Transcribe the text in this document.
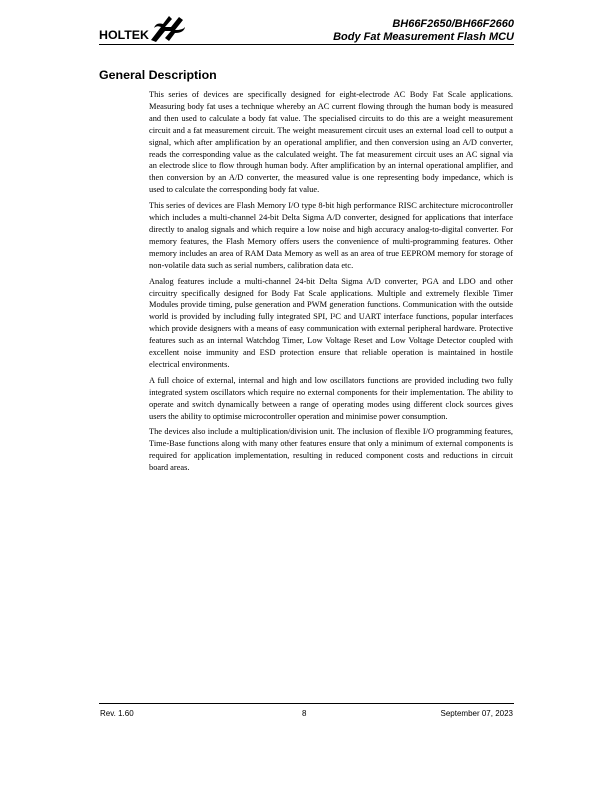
HOLTEK
BH66F2650/BH66F2660
Body Fat Measurement Flash MCU
General Description

This series of devices are specifically designed for eight-electrode AC Body Fat Scale applications. Measuring body fat uses a technique whereby an AC current flowing through the human body is measured and then used to calculate a body fat value. The specialised circuits to do this are a weight measurement circuit and a fat measurement circuit. The weight measurement circuit uses an external load cell to output a signal, which after amplification by an operational amplifier, and then conversion using an A/D converter, reads the corresponding value as the calculated weight. The fat measurement circuit uses an AC signal via an electrode slice to flow through human body. After amplification by an internal operational amplifier, and then conversion by an A/D converter, the measured value is one representing body impedance, which is used to calculate the corresponding body fat value.

This series of devices are Flash Memory I/O type 8-bit high performance RISC architecture microcontroller which includes a multi-channel 24-bit Delta Sigma A/D converter, designed for applications that interface directly to analog signals and which require a low noise and high accuracy analog-to-digital converter. For memory features, the Flash Memory offers users the convenience of multi-programming features. Other memory includes an area of RAM Data Memory as well as an area of true EEPROM memory for storage of non-volatile data such as serial numbers, calibration data etc.

Analog features include a multi-channel 24-bit Delta Sigma A/D converter, PGA and LDO and other circuitry specifically designed for Body Fat Scale applications. Multiple and extremely flexible Timer Modules provide timing, pulse generation and PWM generation functions. Communication with the outside world is provided by including fully integrated SPI, I²C and UART interface functions, popular interfaces which provide designers with a means of easy communication with external peripheral hardware. Protective features such as an internal Watchdog Timer, Low Voltage Reset and Low Voltage Detector coupled with excellent noise immunity and ESD protection ensure that reliable operation is maintained in hostile electrical environments.

A full choice of external, internal and high and low oscillators functions are provided including two fully integrated system oscillators which require no external components for their implementation. The ability to operate and switch dynamically between a range of operating modes using different clock sources gives users the ability to optimise microcontroller operation and minimise power consumption.

The devices also include a multiplication/division unit. The inclusion of flexible I/O programming features, Time-Base functions along with many other features ensure that only a minimum of external components is required for application implementation, resulting in reduced component costs and reductions in circuit board areas.

Rev. 1.60	8	September 07, 2023
